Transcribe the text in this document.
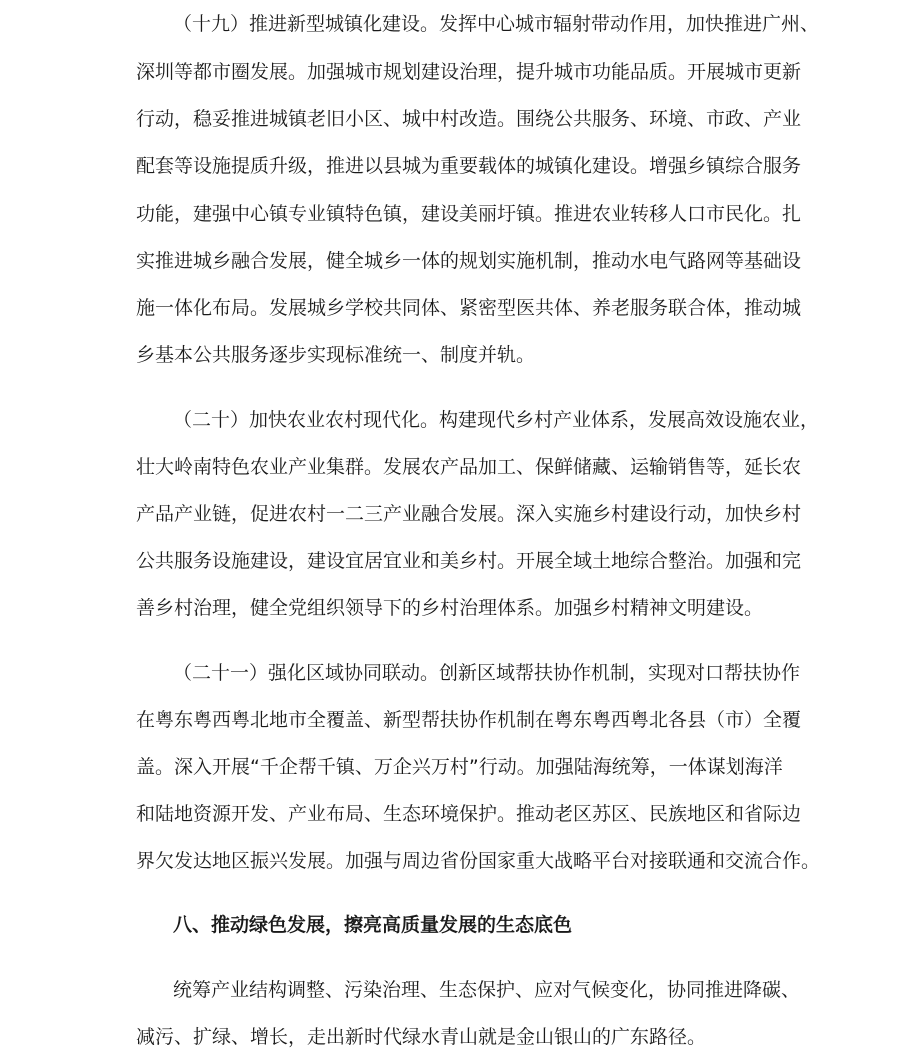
（十九）推进新型城镇化建设。发挥中心城市辐射带动作用，加快推进广州、
深圳等都市圈发展。加强城市规划建设治理，提升城市功能品质。开展城市更新
行动，稳妥推进城镇老旧小区、城中村改造。围绕公共服务、环境、市政、产业
配套等设施提质升级，推进以县城为重要载体的城镇化建设。增强乡镇综合服务
功能，建强中心镇专业镇特色镇，建设美丽圩镇。推进农业转移人口市民化。扎
实推进城乡融合发展，健全城乡一体的规划实施机制，推动水电气路网等基础设
施一体化布局。发展城乡学校共同体、紧密型医共体、养老服务联合体，推动城
乡基本公共服务逐步实现标准统一、制度并轨。
（二十）加快农业农村现代化。构建现代乡村产业体系，发展高效设施农业，
壮大岭南特色农业产业集群。发展农产品加工、保鲜储藏、运输销售等，延长农
产品产业链，促进农村一二三产业融合发展。深入实施乡村建设行动，加快乡村
公共服务设施建设，建设宜居宜业和美乡村。开展全域土地综合整治。加强和完
善乡村治理，健全党组织领导下的乡村治理体系。加强乡村精神文明建设。
（二十一）强化区域协同联动。创新区域帮扶协作机制，实现对口帮扶协作
在粤东粤西粤北地市全覆盖、新型帮扶协作机制在粤东粤西粤北各县（市）全覆
盖。深入开展“千企帮千镇、万企兴万村”行动。加强陆海统筹，一体谋划海洋
和陆地资源开发、产业布局、生态环境保护。推动老区苏区、民族地区和省际边
界欠发达地区振兴发展。加强与周边省份国家重大战略平台对接联通和交流合作。
八、推动绿色发展，擦亮高质量发展的生态底色
统筹产业结构调整、污染治理、生态保护、应对气候变化，协同推进降碳、
减污、扩绿、增长，走出新时代绿水青山就是金山银山的广东路径。
